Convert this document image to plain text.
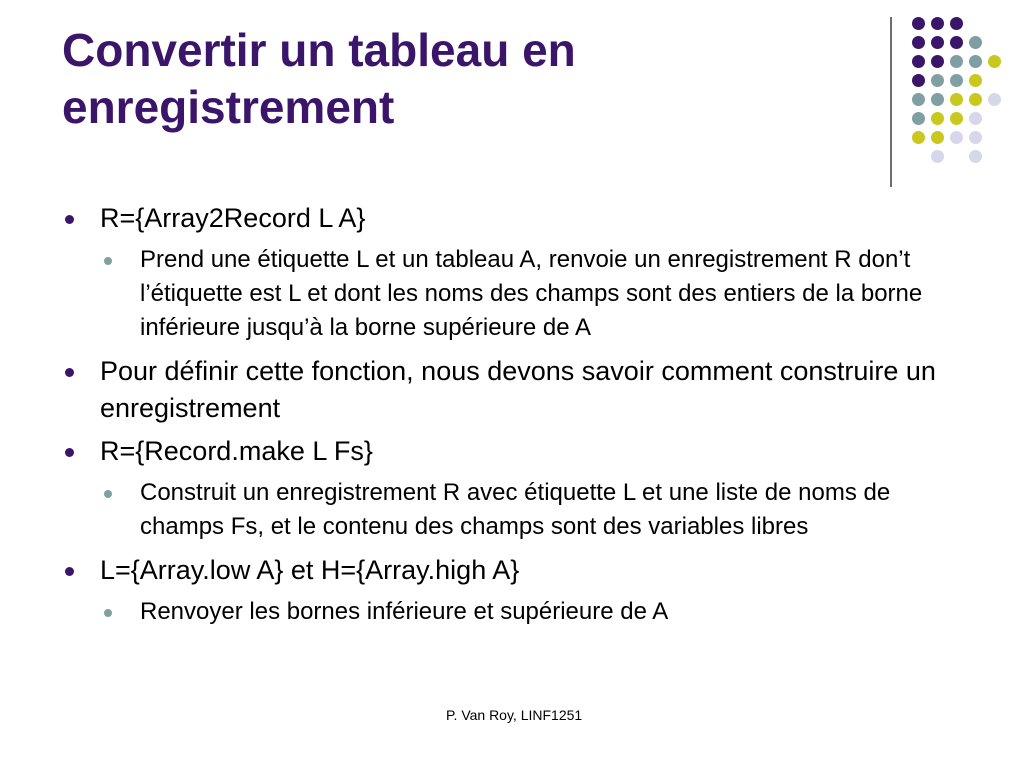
Convertir un tableau en
enregistrement
R={Array2Record L A}
Prend une étiquette L et un tableau A, renvoie un enregistrement R don’t l’étiquette est L et dont les noms des champs sont des entiers de la borne inférieure jusqu’à la borne supérieure de A
Pour définir cette fonction, nous devons savoir comment construire un enregistrement
R={Record.make L Fs}
Construit un enregistrement R avec étiquette L et une liste de noms de champs Fs, et le contenu des champs sont des variables libres
L={Array.low A} et H={Array.high A}
Renvoyer les bornes inférieure et supérieure de A
P. Van Roy, LINF1251
